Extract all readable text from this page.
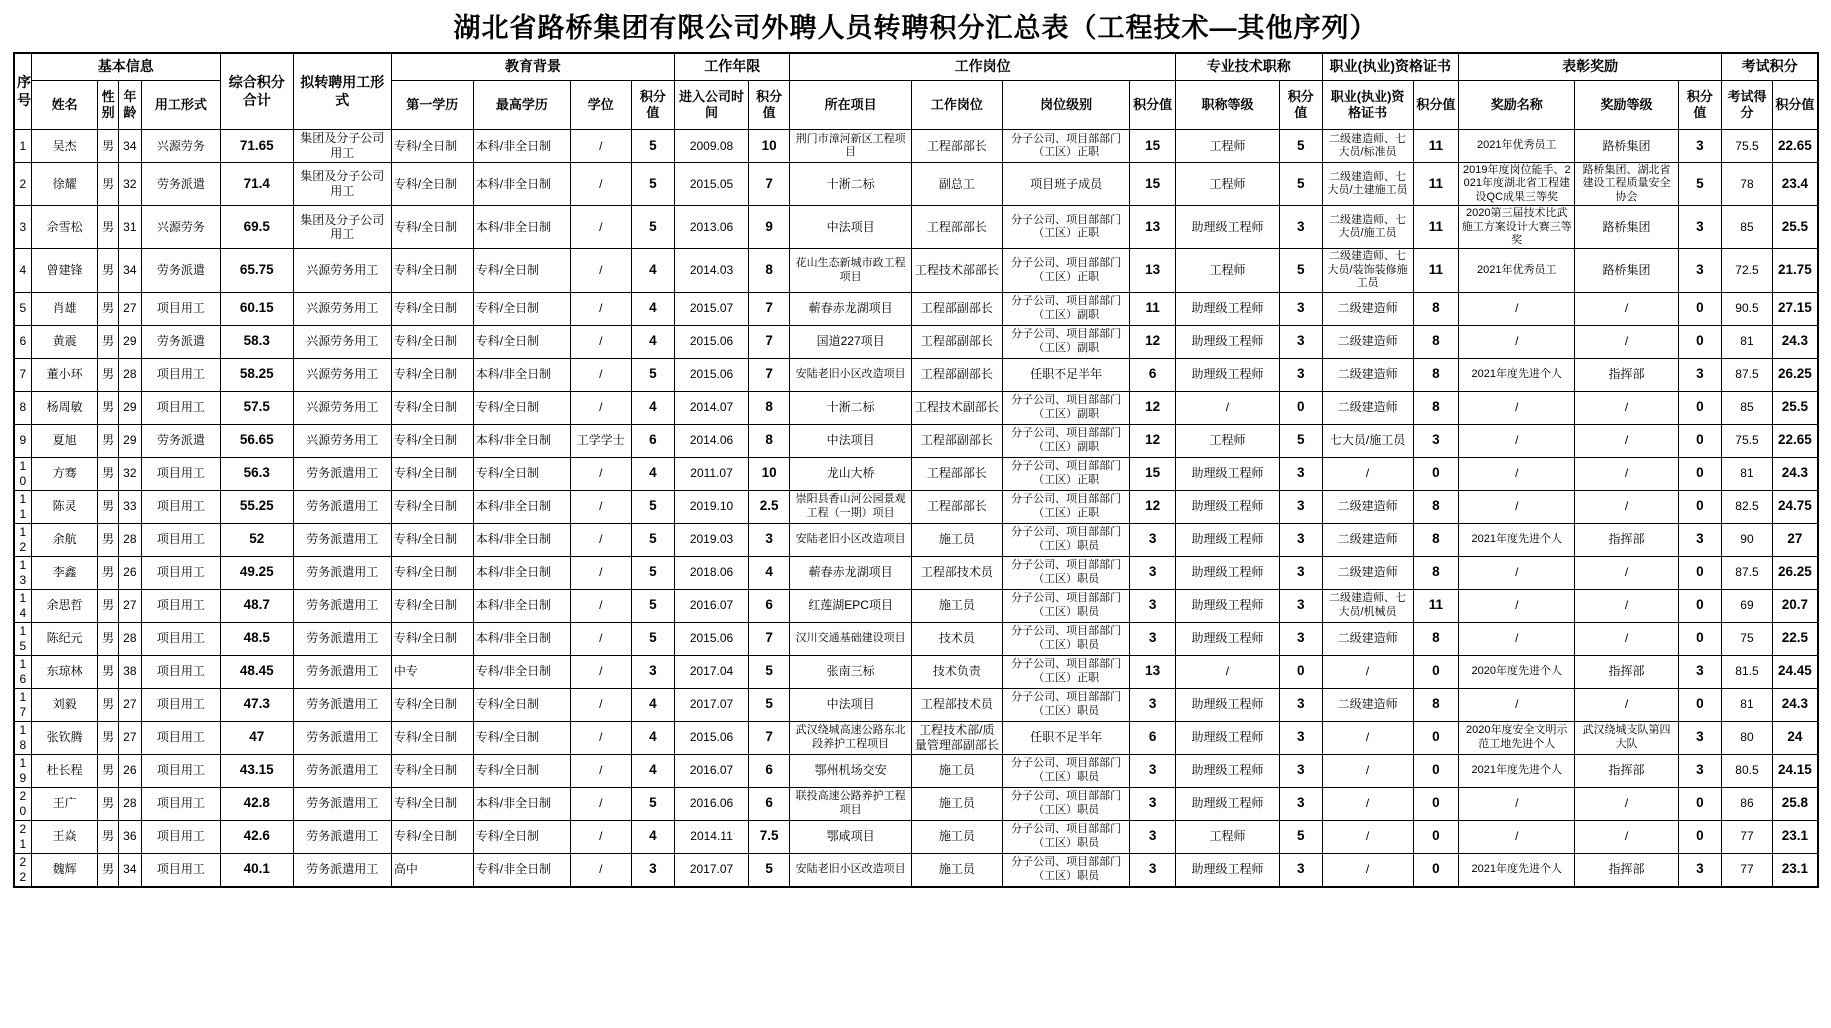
湖北省路桥集团有限公司外聘人员转聘积分汇总表（工程技术—其他序列）
序号	基本信息				综合积分合计	拟转聘用工形式	教育背景				工作年限		工作岗位				专业技术职称		职业(执业)资格证书		表彰奖励			考试积分	
	姓名	性别	年龄	用工形式			第一学历	最高学历	学位	积分值	进入公司时间	积分值	所在项目	工作岗位	岗位级别	积分值	职称等级	积分值	职业(执业)资格证书	积分值	奖励名称	奖励等级	积分值	考试得分	积分值
1	吴杰	男	34	兴源劳务	71.65	集团及分子公司用工	专科/全日制	本科/非全日制	/	5	2009.08	10	荆门市漳河新区工程项目	工程部部长	分子公司、项目部部门（工区）正职	15	工程师	5	二级建造师、七大员/标准员	11	2021年优秀员工	路桥集团	3	75.5	22.65
2	徐耀	男	32	劳务派遣	71.4	集团及分子公司用工	专科/全日制	本科/非全日制	/	5	2015.05	7	十淅二标	副总工	项目班子成员	15	工程师	5	二级建造师、七大员/土建施工员	11	2019年度岗位能手、2021年度湖北省工程建设QC成果三等奖	路桥集团、湖北省建设工程质量安全协会	5	78	23.4
3	佘雪松	男	31	兴源劳务	69.5	集团及分子公司用工	专科/全日制	本科/非全日制	/	5	2013.06	9	中法项目	工程部部长	分子公司、项目部部门（工区）正职	13	助理级工程师	3	二级建造师、七大员/施工员	11	2020第三届技术比武施工方案设计大赛三等奖	路桥集团	3	85	25.5
4	曾建锋	男	34	劳务派遣	65.75	兴源劳务用工	专科/全日制	专科/全日制	/	4	2014.03	8	花山生态新城市政工程项目	工程技术部部长	分子公司、项目部部门（工区）正职	13	工程师	5	二级建造师、七大员/装饰装修施工员	11	2021年优秀员工	路桥集团	3	72.5	21.75
5	肖雄	男	27	项目用工	60.15	兴源劳务用工	专科/全日制	专科/全日制	/	4	2015.07	7	蕲春赤龙湖项目	工程部副部长	分子公司、项目部部门（工区）副职	11	助理级工程师	3	二级建造师	8	/	/	0	90.5	27.15
6	黄震	男	29	劳务派遣	58.3	兴源劳务用工	专科/全日制	专科/全日制	/	4	2015.06	7	国道227项目	工程部副部长	分子公司、项目部部门（工区）副职	12	助理级工程师	3	二级建造师	8	/	/	0	81	24.3
7	董小环	男	28	项目用工	58.25	兴源劳务用工	专科/全日制	本科/非全日制	/	5	2015.06	7	安陆老旧小区改造项目	工程部副部长	任职不足半年	6	助理级工程师	3	二级建造师	8	2021年度先进个人	指挥部	3	87.5	26.25
8	杨周敏	男	29	项目用工	57.5	兴源劳务用工	专科/全日制	专科/全日制	/	4	2014.07	8	十淅二标	工程技术副部长	分子公司、项目部部门（工区）副职	12	/	0	二级建造师	8	/	/	0	85	25.5
9	夏旭	男	29	劳务派遣	56.65	兴源劳务用工	专科/全日制	本科/非全日制	工学学士	6	2014.06	8	中法项目	工程部副部长	分子公司、项目部部门（工区）副职	12	工程师	5	七大员/施工员	3	/	/	0	75.5	22.65
10	方骞	男	32	项目用工	56.3	劳务派遣用工	专科/全日制	专科/全日制	/	4	2011.07	10	龙山大桥	工程部部长	分子公司、项目部部门（工区）正职	15	助理级工程师	3	/	0	/	/	0	81	24.3
11	陈灵	男	33	项目用工	55.25	劳务派遣用工	专科/全日制	本科/非全日制	/	5	2019.10	2.5	崇阳县香山河公园景观工程（一期）项目	工程部部长	分子公司、项目部部门（工区）正职	12	助理级工程师	3	二级建造师	8	/	/	0	82.5	24.75
12	余航	男	28	项目用工	52	劳务派遣用工	专科/全日制	本科/非全日制	/	5	2019.03	3	安陆老旧小区改造项目	施工员	分子公司、项目部部门（工区）职员	3	助理级工程师	3	二级建造师	8	2021年度先进个人	指挥部	3	90	27
13	李鑫	男	26	项目用工	49.25	劳务派遣用工	专科/全日制	本科/非全日制	/	5	2018.06	4	蕲春赤龙湖项目	工程部技术员	分子公司、项目部部门（工区）职员	3	助理级工程师	3	二级建造师	8	/	/	0	87.5	26.25
14	余思哲	男	27	项目用工	48.7	劳务派遣用工	专科/全日制	本科/非全日制	/	5	2016.07	6	红莲湖EPC项目	施工员	分子公司、项目部部门（工区）职员	3	助理级工程师	3	二级建造师、七大员/机械员	11	/	/	0	69	20.7
15	陈纪元	男	28	项目用工	48.5	劳务派遣用工	专科/全日制	本科/非全日制	/	5	2015.06	7	汉川交通基础建设项目	技术员	分子公司、项目部部门（工区）职员	3	助理级工程师	3	二级建造师	8	/	/	0	75	22.5
16	东琼林	男	38	项目用工	48.45	劳务派遣用工	中专	专科/非全日制	/	3	2017.04	5	张南三标	技术负责	分子公司、项目部部门（工区）正职	13	/	0	/	0	2020年度先进个人	指挥部	3	81.5	24.45
17	刘毅	男	27	项目用工	47.3	劳务派遣用工	专科/全日制	专科/全日制	/	4	2017.07	5	中法项目	工程部技术员	分子公司、项目部部门（工区）职员	3	助理级工程师	3	二级建造师	8	/	/	0	81	24.3
18	张钦腾	男	27	项目用工	47	劳务派遣用工	专科/全日制	专科/全日制	/	4	2015.06	7	武汉绕城高速公路东北段养护工程项目	工程技术部/质量管理部副部长	任职不足半年	6	助理级工程师	3	/	0	2020年度安全文明示范工地先进个人	武汉绕城支队第四大队	3	80	24
19	杜长程	男	26	项目用工	43.15	劳务派遣用工	专科/全日制	专科/全日制	/	4	2016.07	6	鄂州机场交安	施工员	分子公司、项目部部门（工区）职员	3	助理级工程师	3	/	0	2021年度先进个人	指挥部	3	80.5	24.15
20	王广	男	28	项目用工	42.8	劳务派遣用工	专科/全日制	本科/非全日制	/	5	2016.06	6	联投高速公路养护工程项目	施工员	分子公司、项目部部门（工区）职员	3	助理级工程师	3	/	0	/	/	0	86	25.8
21	王焱	男	36	项目用工	42.6	劳务派遣用工	专科/全日制	专科/全日制	/	4	2014.11	7.5	鄂咸项目	施工员	分子公司、项目部部门（工区）职员	3	工程师	5	/	0	/	/	0	77	23.1
22	魏辉	男	34	项目用工	40.1	劳务派遣用工	高中	专科/非全日制	/	3	2017.07	5	安陆老旧小区改造项目	施工员	分子公司、项目部部门（工区）职员	3	助理级工程师	3	/	0	2021年度先进个人	指挥部	3	77	23.1
